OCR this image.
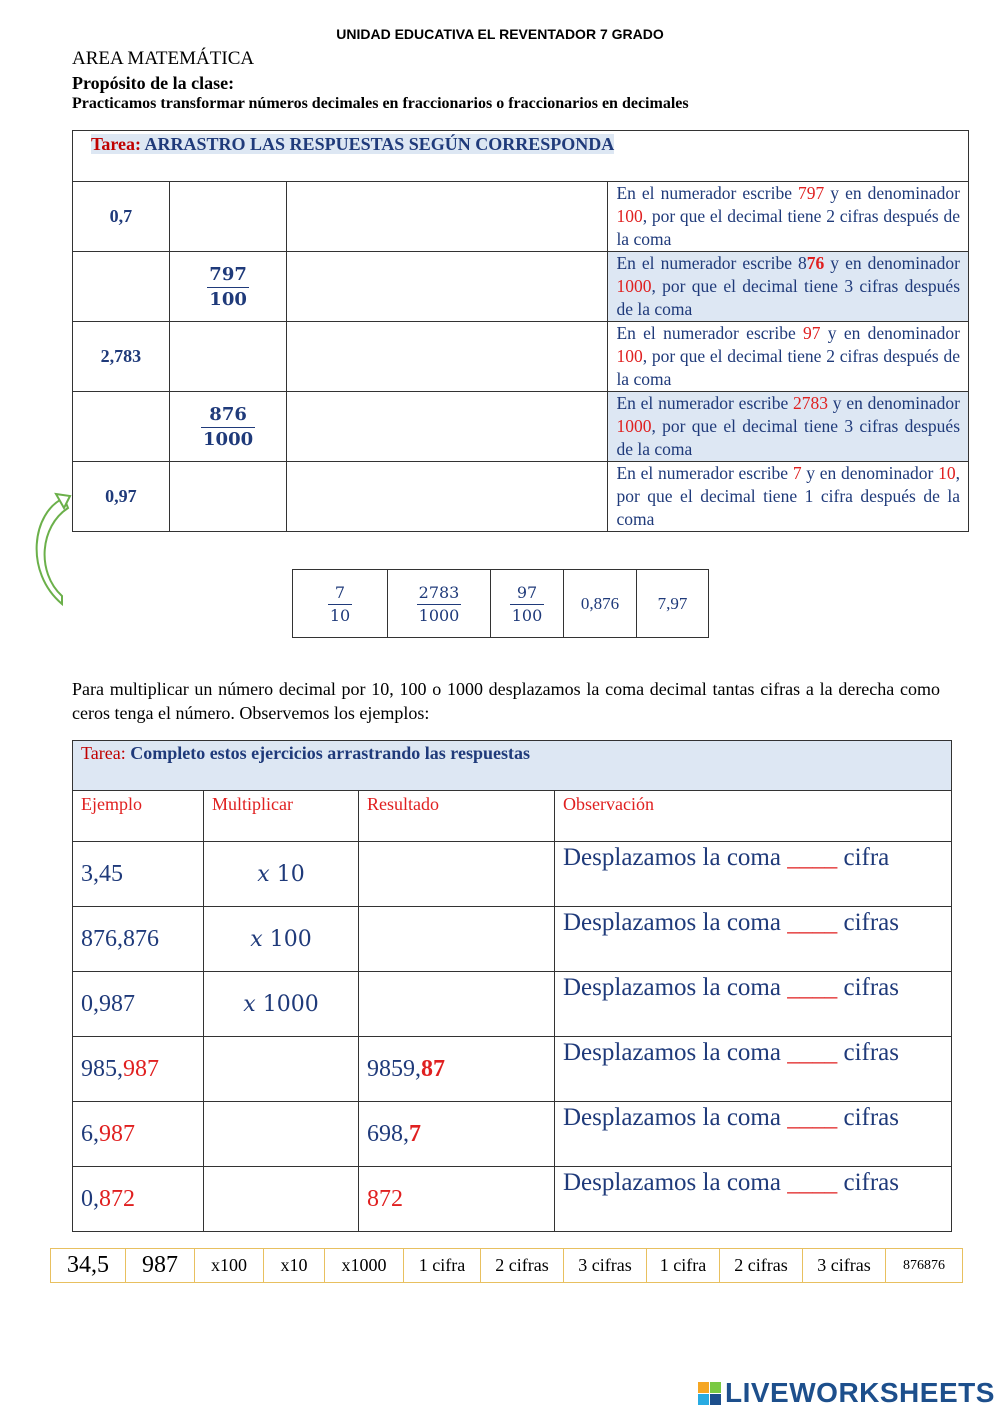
UNIDAD EDUCATIVA EL REVENTADOR 7 GRADO
AREA MATEMÁTICA
Propósito de la clase:
Practicamos transformar números decimales en fraccionarios o fraccionarios en decimales
Tarea: ARRASTRO LAS RESPUESTAS SEGÚN CORRESPONDA			
0,7			En el numerador escribe 797 y en denominador 100, por que el decimal tiene 2 cifras después de la coma

	$\frac{797}{100}$		En el numerador escribe 876 y en denominador 1000, por que el decimal tiene 3 cifras después de la coma
2,783			En el numerador escribe 97 y en denominador 100, por que el decimal tiene 2 cifras después de la coma

	$\frac{876}{1000}$		En el numerador escribe 2783 y en denominador 1000, por que el decimal tiene 3 cifras después de la coma
0,97			En el numerador escribe 7 y en denominador 10, por que el decimal tiene 1 cifra después de la coma
$\frac{7}{10}$	$\frac{2783}{1000}$	$\frac{97}{100}$	0,876	7,97
Para multiplicar un número decimal por 10, 100 o 1000 desplazamos la coma decimal tantas cifras a la derecha como ceros tenga el número. Observemos los ejemplos:
Tarea: Completo estos ejercicios arrastrando las respuestas			
Ejemplo	Multiplicar	Resultado	Observación
3,45	x 10		Desplazamos la coma ____ cifra
876,876	x 100		Desplazamos la coma ____ cifras
0,987	x 1000		Desplazamos la coma ____ cifras
985,987		9859,87	Desplazamos la coma ____ cifras
6,987		698,7	Desplazamos la coma ____ cifras
0,872		872	Desplazamos la coma ____ cifras
34,5	987	x100	x10	x1000	1 cifra	2 cifras	3 cifras	1 cifra	2 cifras	3 cifras	876876
LIVEWORKSHEETS
